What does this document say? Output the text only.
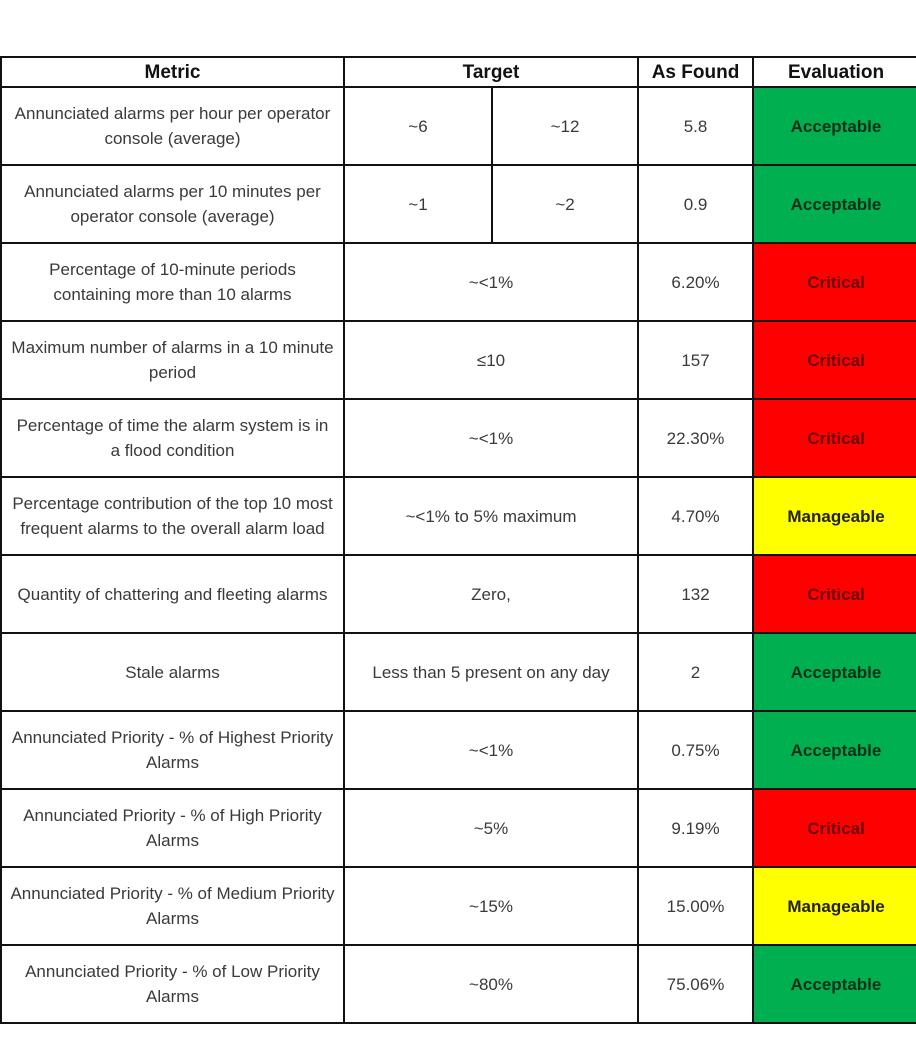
Metric	Target		As Found	Evaluation
Annunciated alarms per hour per operator console (average)	~6	~12	5.8	Acceptable
Annunciated alarms per 10 minutes per operator console (average)	~1	~2	0.9	Acceptable
Percentage of 10-minute periods containing more than 10 alarms	~<1%		6.20%	Critical
Maximum number of alarms in a 10 minute period	≤10		157	Critical
Percentage of time the alarm system is in a flood condition	~<1%		22.30%	Critical
Percentage contribution of the top 10 most frequent alarms to the overall alarm load	~<1% to 5% maximum		4.70%	Manageable
Quantity of chattering and fleeting alarms	Zero,		132	Critical
Stale alarms	Less than 5 present on any day		2	Acceptable
Annunciated Priority - % of Highest Priority Alarms	~<1%		0.75%	Acceptable
Annunciated Priority - % of High Priority Alarms	~5%		9.19%	Critical
Annunciated Priority - % of Medium Priority Alarms	~15%		15.00%	Manageable
Annunciated Priority - % of Low Priority Alarms	~80%		75.06%	Acceptable
